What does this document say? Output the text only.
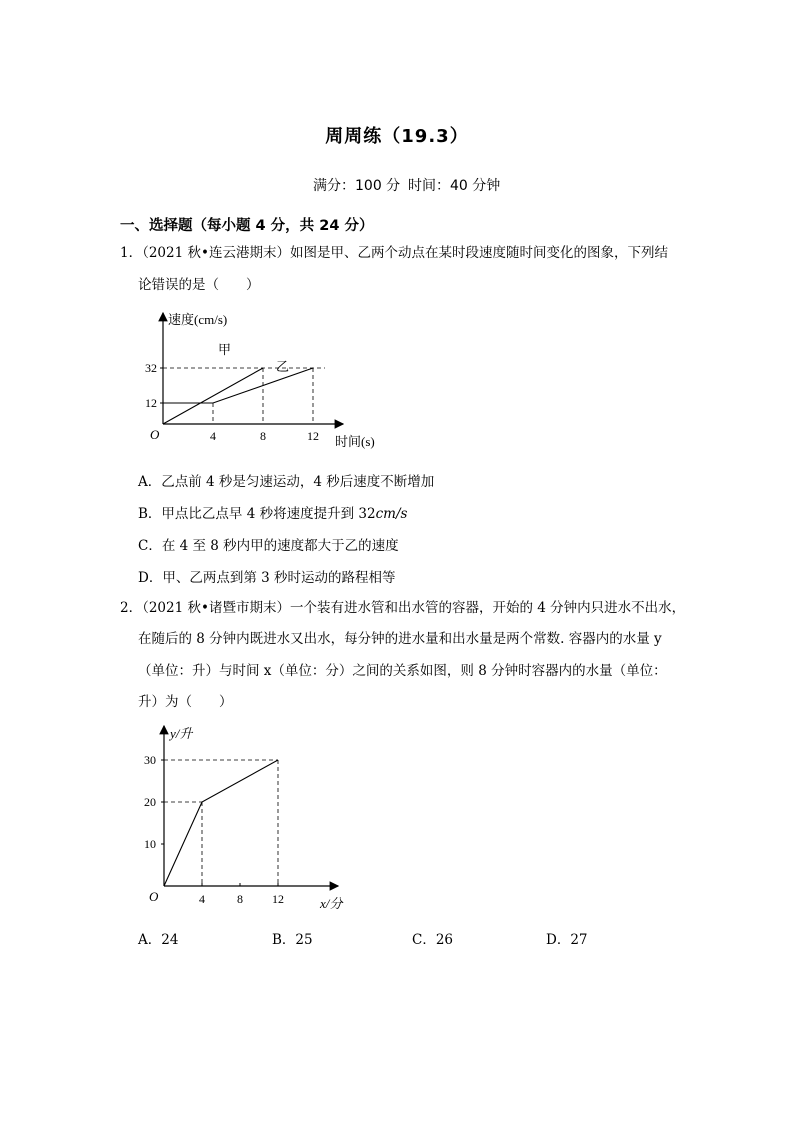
周周练（19.3）
满分：100 分 时间：40 分钟
一、选择题（每小题 4 分，共 24 分）
1．（2021 秋•连云港期末）如图是甲、乙两个动点在某时段速度随时间变化的图象，下列结
论错误的是（　　）
速度(cm/s)
时间(s)
O
32
12
4	8	12
甲
乙
A．乙点前 4 秒是匀速运动，4 秒后速度不断增加
B．甲点比乙点早 4 秒将速度提升到 32cm/s
C．在 4 至 8 秒内甲的速度都大于乙的速度
D．甲、乙两点到第 3 秒时运动的路程相等
2．（2021 秋•诸暨市期末）一个装有进水管和出水管的容器，开始的 4 分钟内只进水不出水，
在随后的 8 分钟内既进水又出水，每分钟的进水量和出水量是两个常数. 容器内的水量 y
（单位：升）与时间 x（单位：分）之间的关系如图，则 8 分钟时容器内的水量（单位：
升）为（　　）
y/升
x/分
O
30
20
10
4	8 12
A．24	B．25	C．26	D．27
